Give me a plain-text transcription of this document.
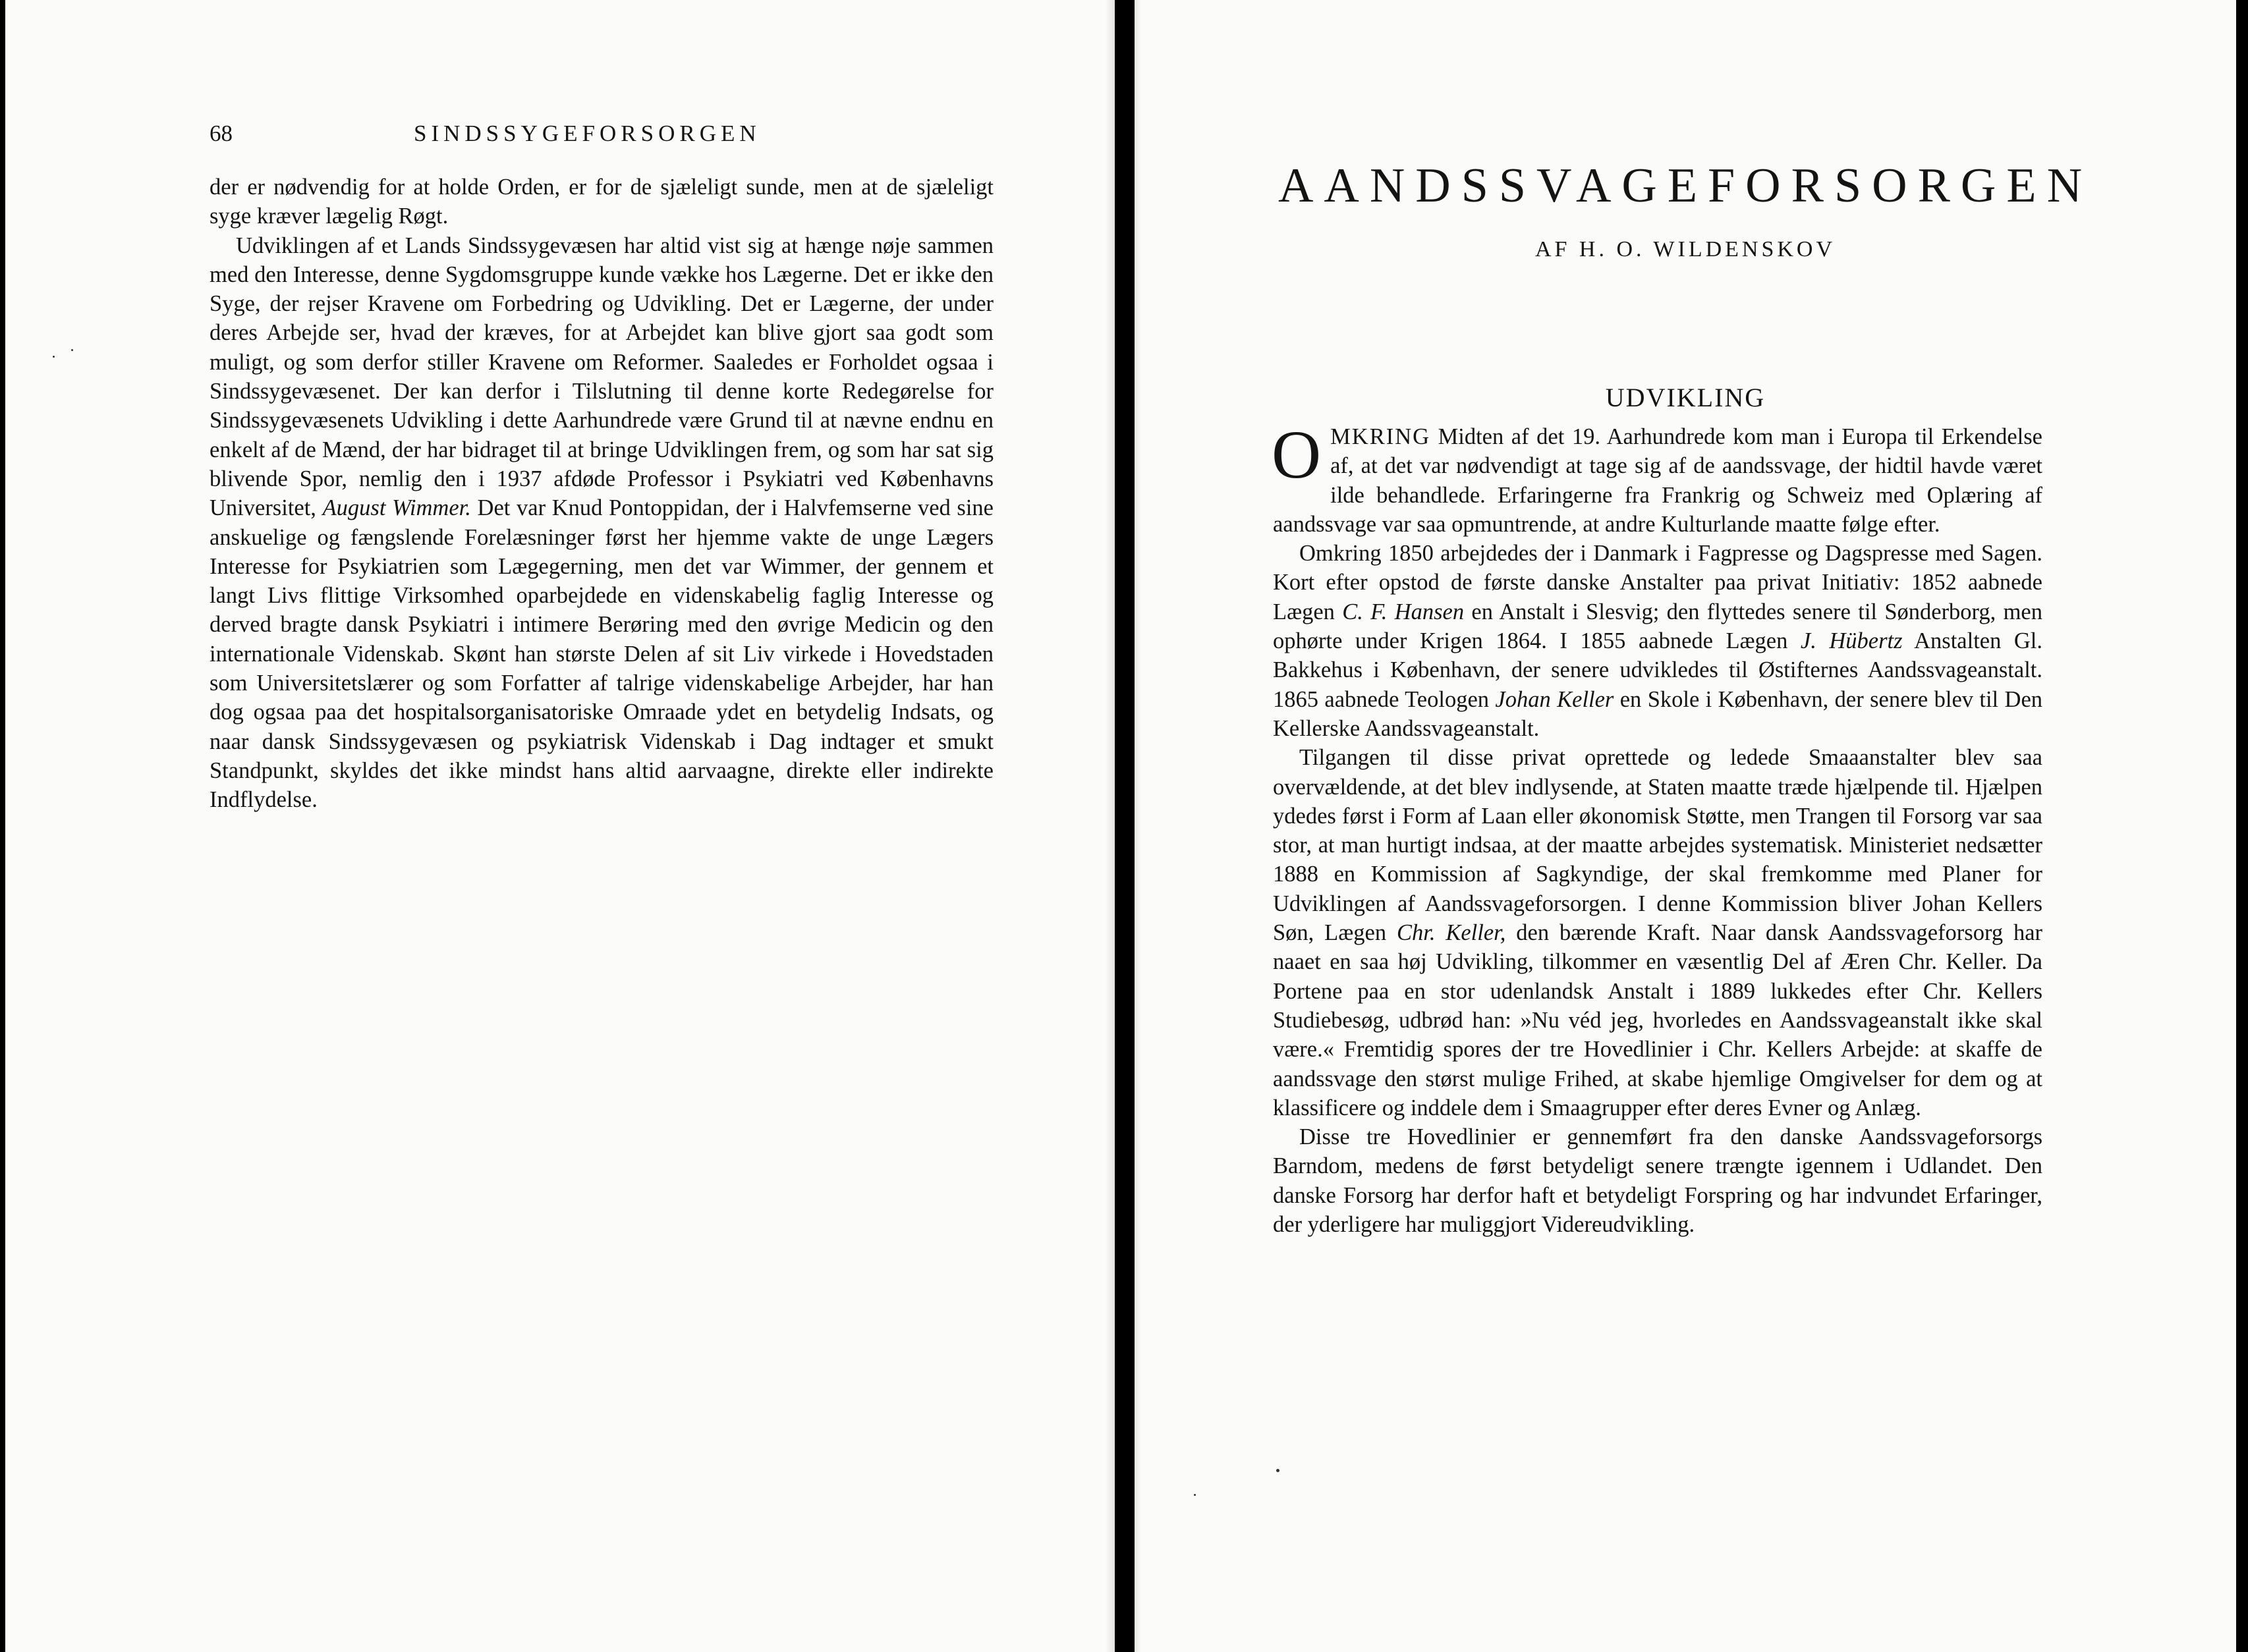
68	SINDSSYGEFORSORGEN

der er nødvendig for at holde Orden, er for de sjæleligt sunde, men at de sjæleligt syge kræver lægelig Røgt.

Udviklingen af et Lands Sindssygevæsen har altid vist sig at hænge nøje sammen med den Interesse, denne Sygdomsgruppe kunde vække hos Lægerne. Det er ikke den Syge, der rejser Kravene om Forbedring og Udvikling. Det er Lægerne, der under deres Arbejde ser, hvad der kræves, for at Arbejdet kan blive gjort saa godt som muligt, og som derfor stiller Kravene om Reformer. Saaledes er Forholdet ogsaa i Sindssygevæsenet. Der kan derfor i Tilslutning til denne korte Redegørelse for Sindssygevæsenets Udvikling i dette Aarhundrede være Grund til at nævne endnu en enkelt af de Mænd, der har bidraget til at bringe Udviklingen frem, og som har sat sig blivende Spor, nemlig den i 1937 afdøde Professor i Psykiatri ved Københavns Universitet, August Wimmer. Det var Knud Pontoppidan, der i Halvfemserne ved sine anskuelige og fængslende Forelæsninger først her hjemme vakte de unge Lægers Interesse for Psykiatrien som Lægegerning, men det var Wimmer, der gennem et langt Livs flittige Virksomhed oparbejdede en videnskabelig faglig Interesse og derved bragte dansk Psykiatri i intimere Berøring med den øvrige Medicin og den internationale Videnskab. Skønt han største Delen af sit Liv virkede i Hovedstaden som Universitetslærer og som Forfatter af talrige videnskabelige Arbejder, har han dog ogsaa paa det hospitalsorganisatoriske Omraade ydet en betydelig Indsats, og naar dansk Sindssygevæsen og psykiatrisk Videnskab i Dag indtager et smukt Standpunkt, skyldes det ikke mindst hans altid aarvaagne, direkte eller indirekte Indflydelse.

AANDSSVAGEFORSORGEN
AF H. O. WILDENSKOV
UDVIKLING

OMKRING Midten af det 19. Aarhundrede kom man i Europa til Erkendelse af, at det var nødvendigt at tage sig af de aandssvage, der hidtil havde været ilde behandlede. Erfaringerne fra Frankrig og Schweiz med Oplæring af aandssvage var saa opmuntrende, at andre Kulturlande maatte følge efter.

Omkring 1850 arbejdedes der i Danmark i Fagpresse og Dagspresse med Sagen. Kort efter opstod de første danske Anstalter paa privat Initiativ: 1852 aabnede Lægen C. F. Hansen en Anstalt i Slesvig; den flyttedes senere til Sønderborg, men ophørte under Krigen 1864. I 1855 aabnede Lægen J. Hübertz Anstalten Gl. Bakkehus i København, der senere udvikledes til Østifternes Aandssvageanstalt. 1865 aabnede Teologen Johan Keller en Skole i København, der senere blev til Den Kellerske Aandssvageanstalt.

Tilgangen til disse privat oprettede og ledede Smaaanstalter blev saa overvældende, at det blev indlysende, at Staten maatte træde hjælpende til. Hjælpen ydedes først i Form af Laan eller økonomisk Støtte, men Trangen til Forsorg var saa stor, at man hurtigt indsaa, at der maatte arbejdes systematisk. Ministeriet nedsætter 1888 en Kommission af Sagkyndige, der skal fremkomme med Planer for Udviklingen af Aandssvageforsorgen. I denne Kommission bliver Johan Kellers Søn, Lægen Chr. Keller, den bærende Kraft. Naar dansk Aandssvageforsorg har naaet en saa høj Udvikling, tilkommer en væsentlig Del af Æren Chr. Keller. Da Portene paa en stor udenlandsk Anstalt i 1889 lukkedes efter Chr. Kellers Studiebesøg, udbrød han: »Nu véd jeg, hvorledes en Aandssvageanstalt ikke skal være.« Fremtidig spores der tre Hovedlinier i Chr. Kellers Arbejde: at skaffe de aandssvage den størst mulige Frihed, at skabe hjemlige Omgivelser for dem og at klassificere og inddele dem i Smaagrupper efter deres Evner og Anlæg.

Disse tre Hovedlinier er gennemført fra den danske Aandssvageforsorgs Barndom, medens de først betydeligt senere trængte igennem i Udlandet. Den danske Forsorg har derfor haft et betydeligt Forspring og har indvundet Erfaringer, der yderligere har muliggjort Videreudvikling.
